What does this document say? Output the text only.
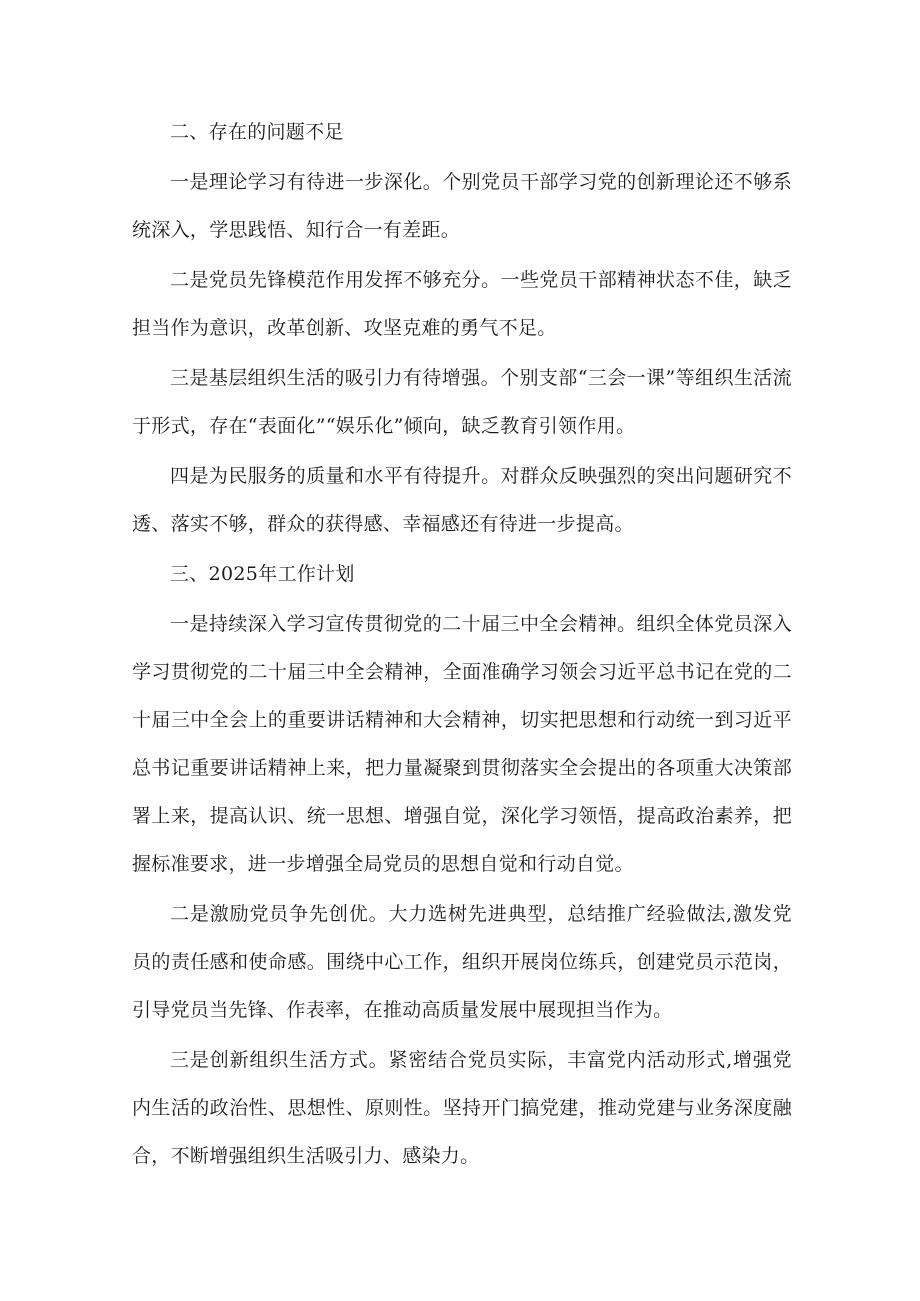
二、存在的问题不足

一是理论学习有待进一步深化。个别党员干部学习党的创新理论还不够系统深入，学思践悟、知行合一有差距。

二是党员先锋模范作用发挥不够充分。一些党员干部精神状态不佳，缺乏担当作为意识，改革创新、攻坚克难的勇气不足。

三是基层组织生活的吸引力有待增强。个别支部“三会一课”等组织生活流于形式，存在“表面化”“娱乐化”倾向，缺乏教育引领作用。

四是为民服务的质量和水平有待提升。对群众反映强烈的突出问题研究不透、落实不够，群众的获得感、幸福感还有待进一步提高。

三、2025年工作计划

一是持续深入学习宣传贯彻党的二十届三中全会精神。组织全体党员深入学习贯彻党的二十届三中全会精神，全面准确学习领会习近平总书记在党的二十届三中全会上的重要讲话精神和大会精神，切实把思想和行动统一到习近平总书记重要讲话精神上来，把力量凝聚到贯彻落实全会提出的各项重大决策部署上来，提高认识、统一思想、增强自觉，深化学习领悟，提高政治素养，把握标准要求，进一步增强全局党员的思想自觉和行动自觉。

二是激励党员争先创优。大力选树先进典型，总结推广经验做法,激发党员的责任感和使命感。围绕中心工作，组织开展岗位练兵，创建党员示范岗，引导党员当先锋、作表率，在推动高质量发展中展现担当作为。

三是创新组织生活方式。紧密结合党员实际，丰富党内活动形式,增强党内生活的政治性、思想性、原则性。坚持开门搞党建，推动党建与业务深度融合，不断增强组织生活吸引力、感染力。
